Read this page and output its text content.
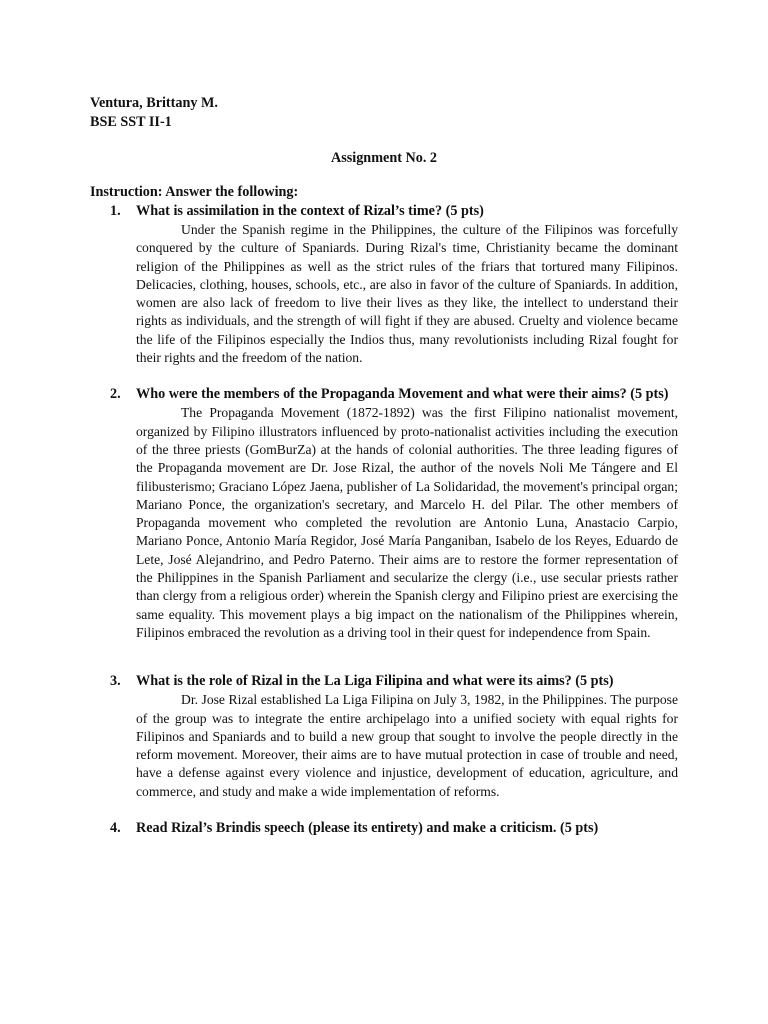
Ventura, Brittany M.
BSE SST II-1
Assignment No. 2
Instruction: Answer the following:
1. What is assimilation in the context of Rizal’s time? (5 pts)

Under the Spanish regime in the Philippines, the culture of the Filipinos was forcefully conquered by the culture of Spaniards. During Rizal's time, Christianity became the dominant religion of the Philippines as well as the strict rules of the friars that tortured many Filipinos. Delicacies, clothing, houses, schools, etc., are also in favor of the culture of Spaniards. In addition, women are also lack of freedom to live their lives as they like, the intellect to understand their rights as individuals, and the strength of will fight if they are abused. Cruelty and violence became the life of the Filipinos especially the Indios thus, many revolutionists including Rizal fought for their rights and the freedom of the nation.

2. Who were the members of the Propaganda Movement and what were their aims? (5 pts)

The Propaganda Movement (1872-1892) was the first Filipino nationalist movement, organized by Filipino illustrators influenced by proto-nationalist activities including the execution of the three priests (GomBurZa) at the hands of colonial authorities. The three leading figures of the Propaganda movement are Dr. Jose Rizal, the author of the novels Noli Me Tángere and El filibusterismo; Graciano López Jaena, publisher of La Solidaridad, the movement's principal organ; Mariano Ponce, the organization's secretary, and Marcelo H. del Pilar. The other members of Propaganda movement who completed the revolution are Antonio Luna, Anastacio Carpio, Mariano Ponce, Antonio María Regidor, José María Panganiban, Isabelo de los Reyes, Eduardo de Lete, José Alejandrino, and Pedro Paterno. Their aims are to restore the former representation of the Philippines in the Spanish Parliament and secularize the clergy (i.e., use secular priests rather than clergy from a religious order) wherein the Spanish clergy and Filipino priest are exercising the same equality. This movement plays a big impact on the nationalism of the Philippines wherein, Filipinos embraced the revolution as a driving tool in their quest for independence from Spain.

3. What is the role of Rizal in the La Liga Filipina and what were its aims? (5 pts)

Dr. Jose Rizal established La Liga Filipina on July 3, 1982, in the Philippines. The purpose of the group was to integrate the entire archipelago into a unified society with equal rights for Filipinos and Spaniards and to build a new group that sought to involve the people directly in the reform movement. Moreover, their aims are to have mutual protection in case of trouble and need, have a defense against every violence and injustice, development of education, agriculture, and commerce, and study and make a wide implementation of reforms.

4. Read Rizal’s Brindis speech (please its entirety) and make a criticism. (5 pts)
